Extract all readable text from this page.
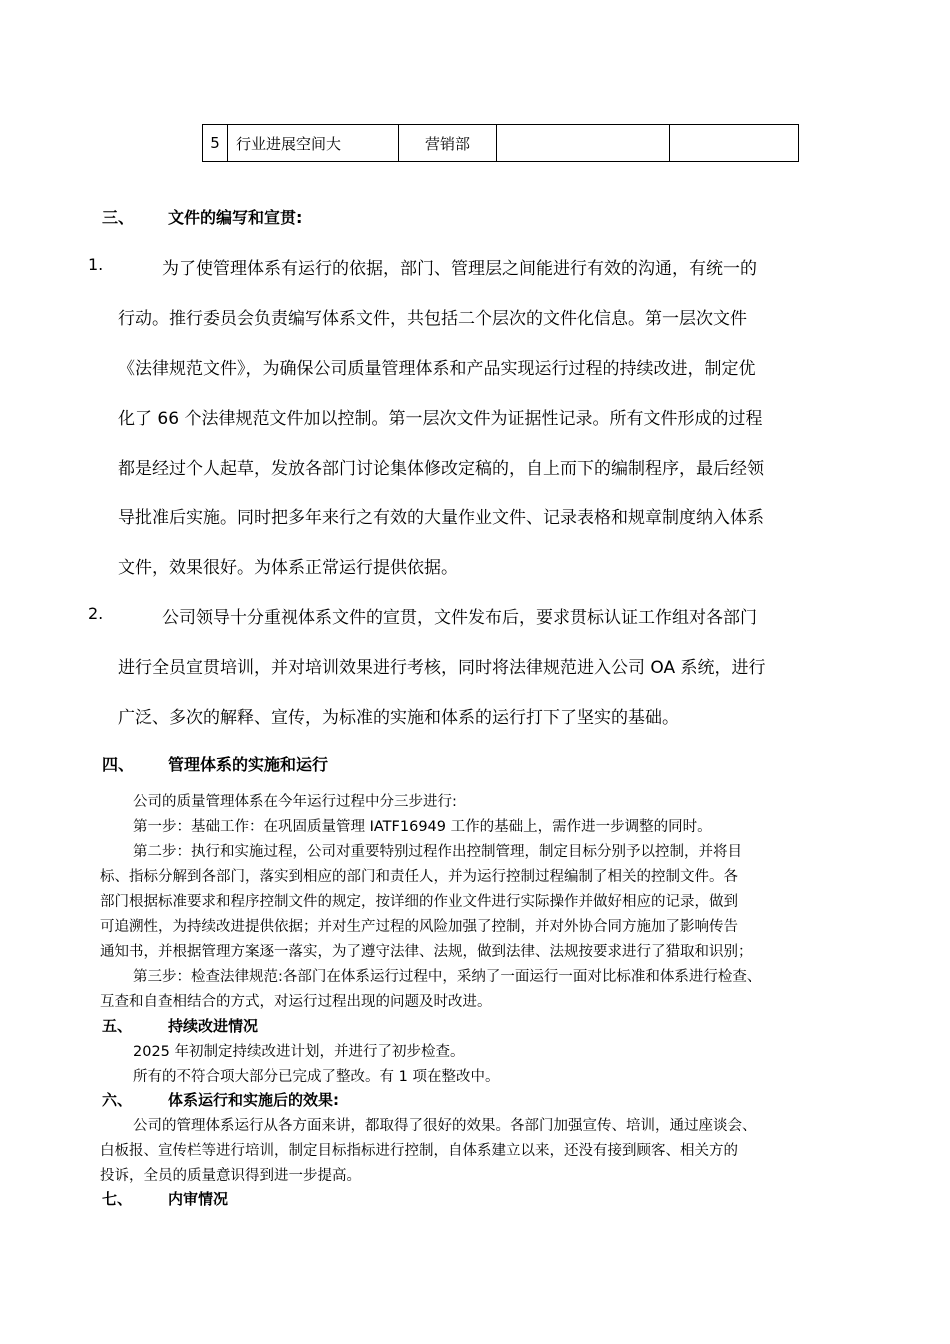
5	行业进展空间大	营销部		
三、 文件的编写和宣贯:
1.	为了使管理体系有运行的依据，部门、管理层之间能进行有效的沟通，有统一的
行动。推行委员会负责编写体系文件，共包括二个层次的文件化信息。第一层次文件
《法律规范文件》，为确保公司质量管理体系和产品实现运行过程的持续改进，制定优
化了 66 个法律规范文件加以控制。第一层次文件为证据性记录。所有文件形成的过程
都是经过个人起草，发放各部门讨论集体修改定稿的，自上而下的编制程序，最后经领
导批准后实施。同时把多年来行之有效的大量作业文件、记录表格和规章制度纳入体系
文件，效果很好。为体系正常运行提供依据。
2.	公司领导十分重视体系文件的宣贯，文件发布后，要求贯标认证工作组对各部门
进行全员宣贯培训，并对培训效果进行考核，同时将法律规范进入公司 OA 系统，进行
广泛、多次的解释、宣传，为标准的实施和体系的运行打下了坚实的基础。
四、 管理体系的实施和运行
公司的质量管理体系在今年运行过程中分三步进行:
第一步：基础工作：在巩固质量管理 IATF16949 工作的基础上，需作进一步调整的同时。
第二步：执行和实施过程，公司对重要特别过程作出控制管理，制定目标分别予以控制，并将目
标、指标分解到各部门，落实到相应的部门和责任人，并为运行控制过程编制了相关的控制文件。各
部门根据标准要求和程序控制文件的规定，按详细的作业文件进行实际操作并做好相应的记录，做到
可追溯性，为持续改进提供依据；并对生产过程的风险加强了控制，并对外协合同方施加了影响传告
通知书，并根据管理方案逐一落实，为了遵守法律、法规，做到法律、法规按要求进行了猎取和识别；
第三步：检查法律规范:各部门在体系运行过程中，采纳了一面运行一面对比标准和体系进行检查、
互查和自查相结合的方式，对运行过程出现的问题及时改进。
五、 持续改进情况
2025 年初制定持续改进计划，并进行了初步检查。
所有的不符合项大部分已完成了整改。有 1 项在整改中。
六、 体系运行和实施后的效果:
公司的管理体系运行从各方面来讲，都取得了很好的效果。各部门加强宣传、培训，通过座谈会、
白板报、宣传栏等进行培训，制定目标指标进行控制，自体系建立以来，还没有接到顾客、相关方的
投诉，全员的质量意识得到进一步提高。
七、 内审情况
